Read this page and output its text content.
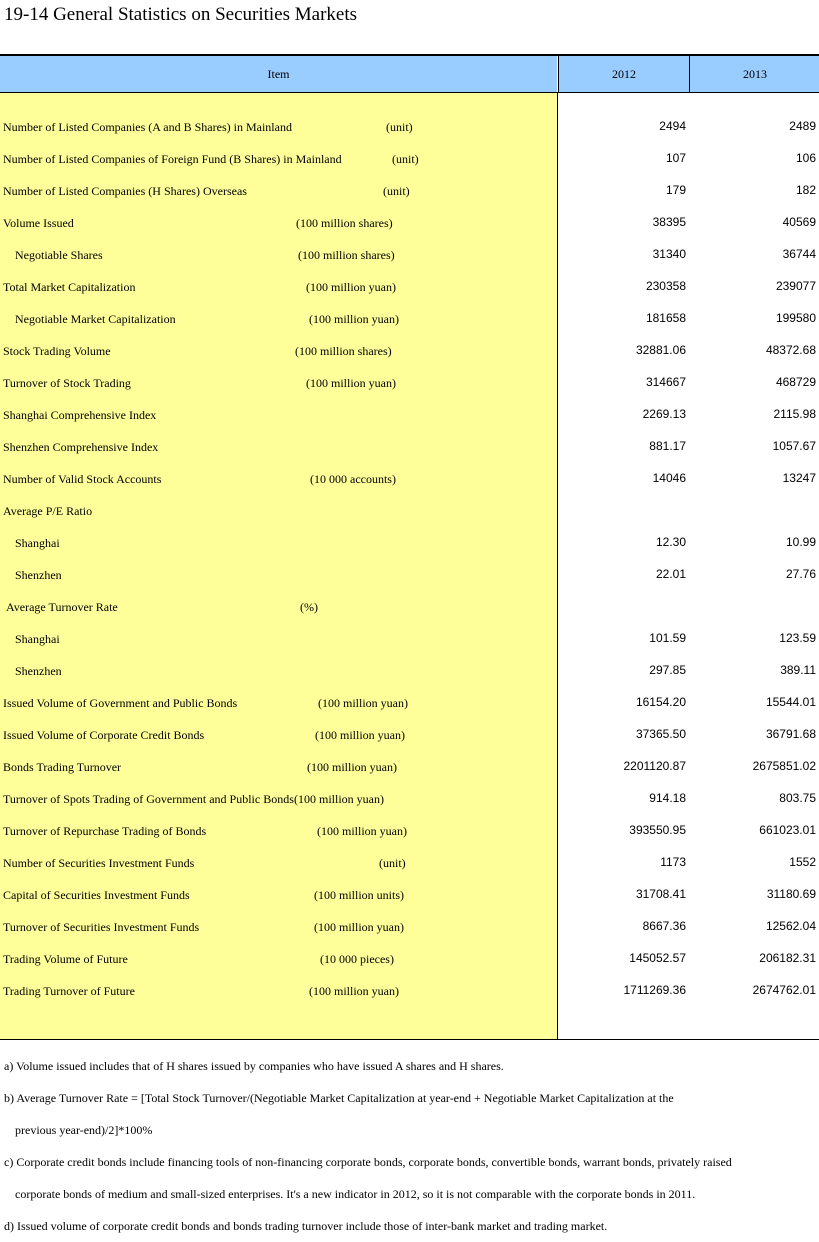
19-14 General Statistics on Securities Markets
Item	2012	2013
Number of Listed Companies (A and B Shares) in Mainland	(unit)	2494	2489
Number of Listed Companies of Foreign Fund (B Shares) in Mainland	(unit)	107	106
Number of Listed Companies (H Shares) Overseas	(unit)	179	182
Volume Issued	(100 million shares)	38395	40569
Negotiable Shares	(100 million shares)	31340	36744
Total Market Capitalization	(100 million yuan)	230358	239077
Negotiable Market Capitalization	(100 million yuan)	181658	199580
Stock Trading Volume	(100 million shares)	32881.06	48372.68
Turnover of Stock Trading	(100 million yuan)	314667	468729
Shanghai Comprehensive Index	2269.13	2115.98
Shenzhen Comprehensive Index	881.17	1057.67
Number of Valid Stock Accounts	(10 000 accounts)	14046	13247
Average P/E Ratio
Shanghai	12.30	10.99
Shenzhen	22.01	27.76
Average Turnover Rate	(%)
Shanghai	101.59	123.59
Shenzhen	297.85	389.11
Issued Volume of Government and Public Bonds	(100 million yuan)	16154.20	15544.01
Issued Volume of Corporate Credit Bonds	(100 million yuan)	37365.50	36791.68
Bonds Trading Turnover	(100 million yuan)	2201120.87	2675851.02
Turnover of Spots Trading of Government and Public Bonds (100 million yuan)	914.18	803.75
Turnover of Repurchase Trading of Bonds	(100 million yuan)	393550.95	661023.01
Number of Securities Investment Funds	(unit)	1173	1552
Capital of Securities Investment Funds	(100 million units)	31708.41	31180.69
Turnover of Securities Investment Funds	(100 million yuan)	8667.36	12562.04
Trading Volume of Future	(10 000 pieces)	145052.57	206182.31
Trading Turnover of Future	(100 million yuan)	1711269.36	2674762.01

a) Volume issued includes that of H shares issued by companies who have issued A shares and H shares.

b) Average Turnover Rate = [Total Stock Turnover/(Negotiable Market Capitalization at year-end + Negotiable Market Capitalization at the

previous year-end)/2]*100%

c) Corporate credit bonds include financing tools of non-financing corporate bonds, corporate bonds, convertible bonds, warrant bonds, privately raised

corporate bonds of medium and small-sized enterprises. It's a new indicator in 2012, so it is not comparable with the corporate bonds in 2011.

d) Issued volume of corporate credit bonds and bonds trading turnover include those of inter-bank market and trading market.
